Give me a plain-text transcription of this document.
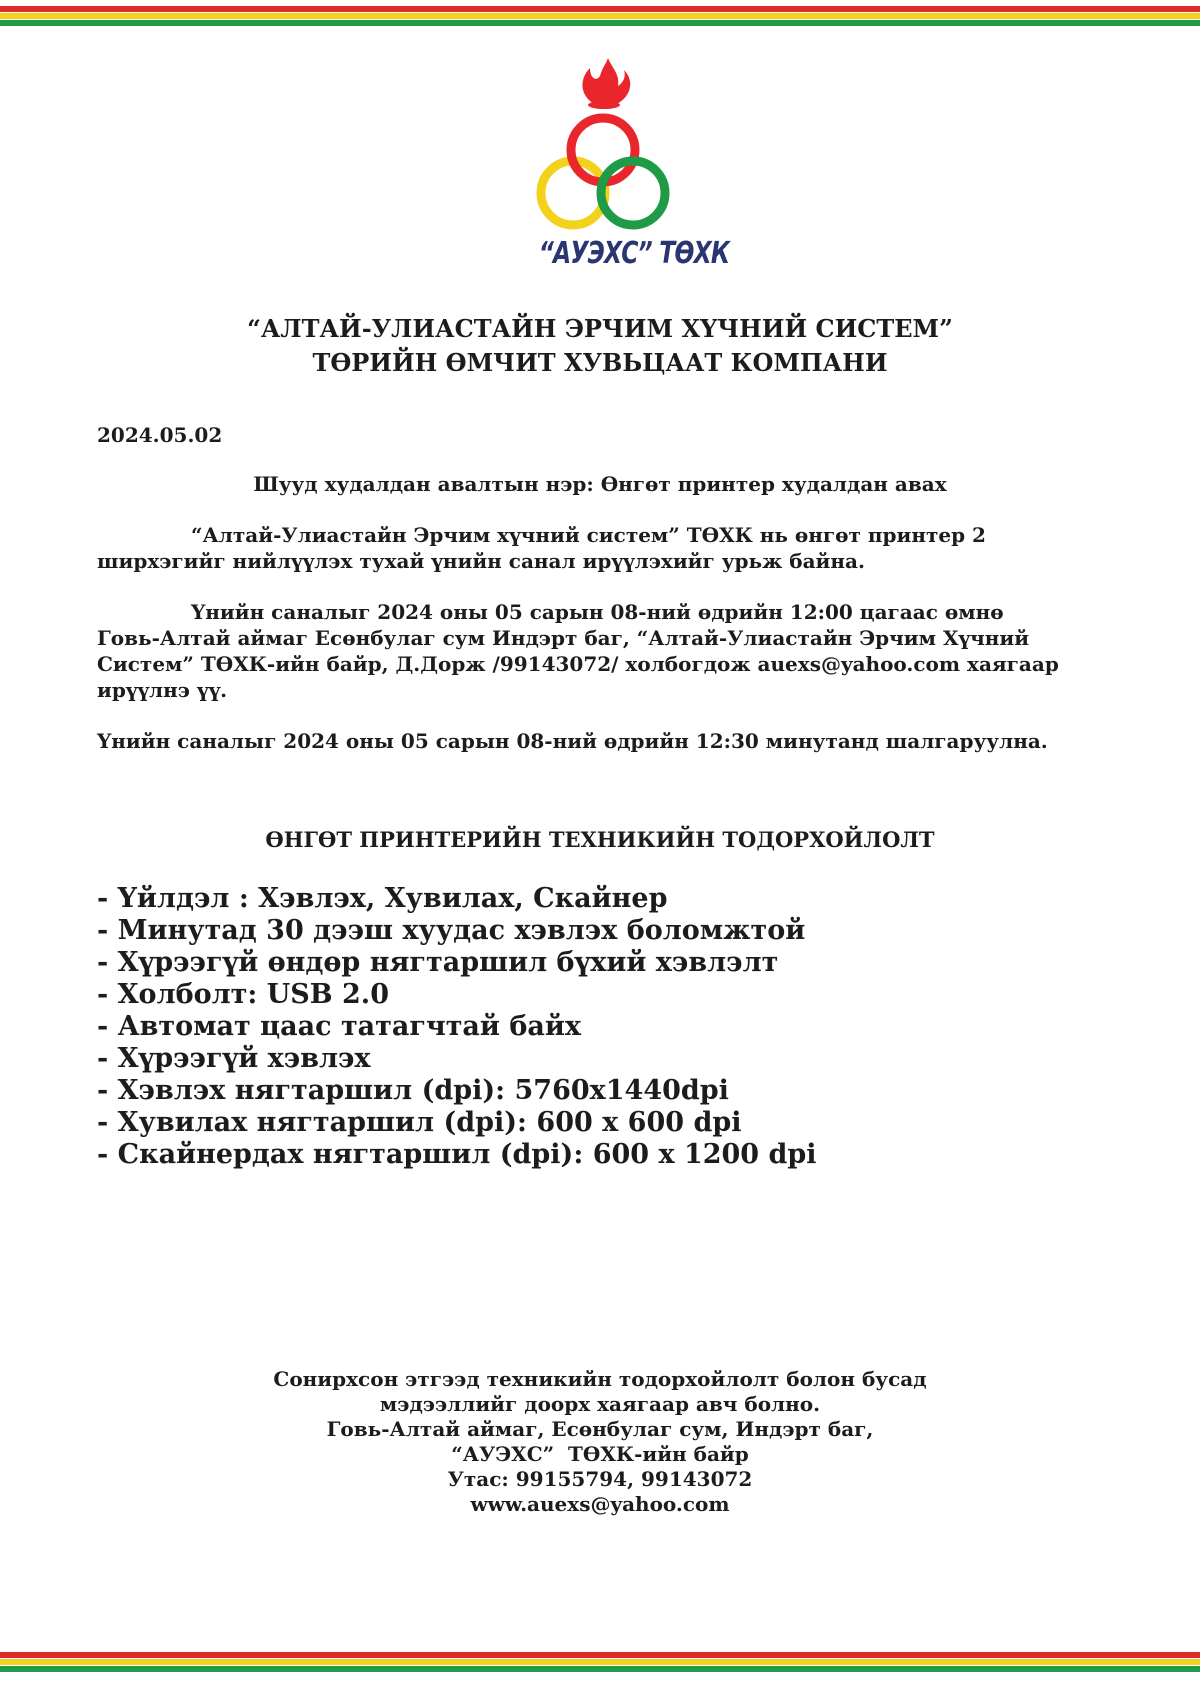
“АУЭХС” ТӨХК
“АЛТАЙ-УЛИАСТАЙН ЭРЧИМ ХҮЧНИЙ СИСТЕМ”
ТӨРИЙН ӨМЧИТ ХУВЬЦААТ КОМПАНИ
2024.05.02
Шууд худалдан авалтын нэр: Өнгөт принтер худалдан авах
“Алтай-Улиастайн Эрчим хүчний систем” ТӨХК нь өнгөт принтер 2
ширхэгийг нийлүүлэх тухай үнийн санал ирүүлэхийг урьж байна.
Үнийн саналыг 2024 оны 05 сарын 08-ний өдрийн 12:00 цагаас өмнө
Говь-Алтай аймаг Есөнбулаг сум Индэрт баг, “Алтай-Улиастайн Эрчим Хүчний
Систем” ТӨХК-ийн байр, Д.Дорж /99143072/ холбогдож auexs@yahoo.com хаягаар
ирүүлнэ үү.
Үнийн саналыг 2024 оны 05 сарын 08-ний өдрийн 12:30 минутанд шалгаруулна.
ӨНГӨТ ПРИНТЕРИЙН ТЕХНИКИЙН ТОДОРХОЙЛОЛТ
- Үйлдэл : Хэвлэх, Хувилах, Скайнер
- Минутад 30 дээш хуудас хэвлэх боломжтой
- Хүрээгүй өндөр нягтаршил бүхий хэвлэлт
- Холболт: USB 2.0
- Автомат цаас татагчтай байх
- Хүрээгүй хэвлэх
- Хэвлэх нягтаршил (dpi): 5760x1440dpi
- Хувилах нягтаршил (dpi): 600 x 600 dpi
- Скайнердах нягтаршил (dpi): 600 x 1200 dpi
Сонирхсон этгээд техникийн тодорхойлолт болон бусад
мэдээллийг доорх хаягаар авч болно.
Говь-Алтай аймаг, Есөнбулаг сум, Индэрт баг,
“АУЭХС”  ТӨХК-ийн байр
Утас: 99155794, 99143072
www.auexs@yahoo.com
